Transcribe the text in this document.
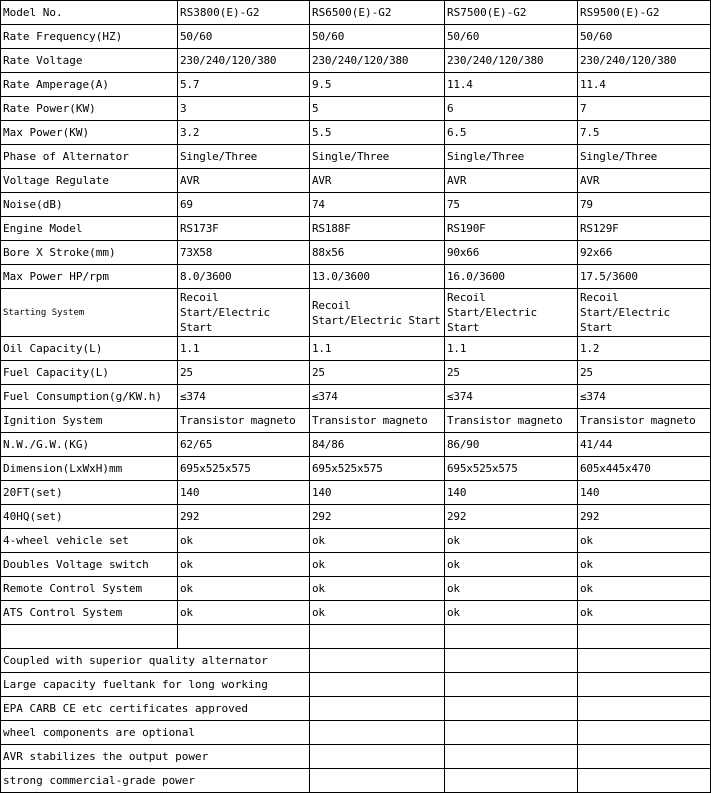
Model No.	RS3800(E)-G2	RS6500(E)-G2	RS7500(E)-G2	RS9500(E)-G2
Rate Frequency(HZ)	50/60	50/60	50/60	50/60
Rate Voltage	230/240/120/380	230/240/120/380	230/240/120/380	230/240/120/380
Rate Amperage(A)	5.7	9.5	11.4	11.4
Rate Power(KW)	3	5	6	7
Max Power(KW)	3.2	5.5	6.5	7.5
Phase of Alternator	Single/Three	Single/Three	Single/Three	Single/Three
Voltage Regulate	AVR	AVR	AVR	AVR
Noise(dB)	69	74	75	79
Engine Model	RS173F	RS188F	RS190F	RS129F
Bore X Stroke(mm)	73X58	88x56	90x66	92x66
Max Power HP/rpm	8.0/3600	13.0/3600	16.0/3600	17.5/3600
Starting System	Recoil Start/Electric Start	Recoil Start/Electric Start	Recoil Start/Electric Start	Recoil Start/Electric Start
Oil Capacity(L)	1.1	1.1	1.1	1.2
Fuel Capacity(L)	25	25	25	25
Fuel Consumption(g/KW.h)	≤374	≤374	≤374	≤374
Ignition System	Transistor magneto	Transistor magneto	Transistor magneto	Transistor magneto
N.W./G.W.(KG)	62/65	84/86	86/90	41/44
Dimension(LxWxH)mm	695x525x575	695x525x575	695x525x575	605x445x470
20FT(set)	140	140	140	140
40HQ(set)	292	292	292	292
4-wheel vehicle set	ok	ok	ok	ok
Doubles Voltage switch	ok	ok	ok	ok
Remote Control System	ok	ok	ok	ok
ATS Control System	ok	ok	ok	ok

Coupled with superior quality alternator				
Large capacity fueltank for long working				
EPA CARB CE etc certificates approved				
wheel components are optional				
AVR stabilizes the output power				
strong commercial-grade power				
